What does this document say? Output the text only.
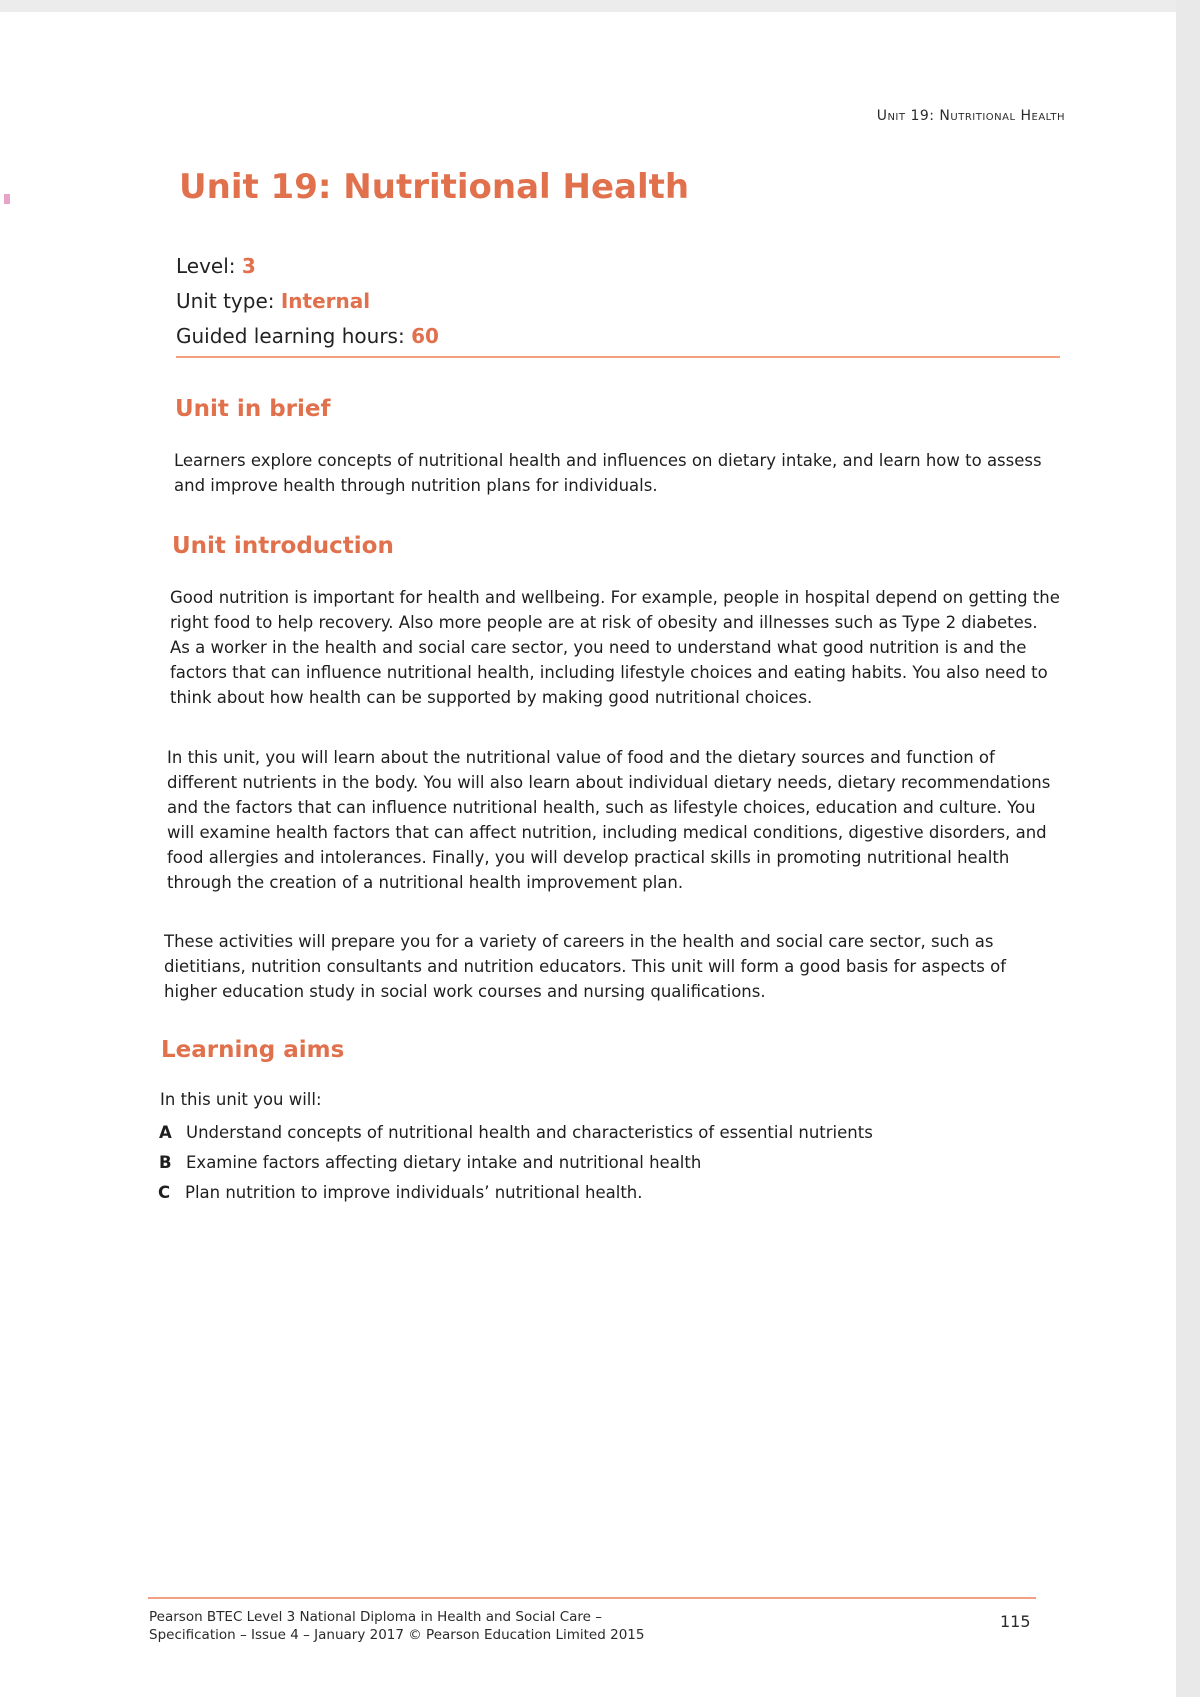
Unit 19: Nutritional Health
Unit 19: Nutritional Health
Level: 3
Unit type: Internal
Guided learning hours: 60
Unit in brief

Learners explore concepts of nutritional health and influences on dietary intake, and learn how to assess and improve health through nutrition plans for individuals.

Unit introduction

Good nutrition is important for health and wellbeing. For example, people in hospital depend on getting the right food to help recovery. Also more people are at risk of obesity and illnesses such as Type 2 diabetes. As a worker in the health and social care sector, you need to understand what good nutrition is and the factors that can influence nutritional health, including lifestyle choices and eating habits. You also need to think about how health can be supported by making good nutritional choices.

In this unit, you will learn about the nutritional value of food and the dietary sources and function of different nutrients in the body. You will also learn about individual dietary needs, dietary recommendations and the factors that can influence nutritional health, such as lifestyle choices, education and culture. You will examine health factors that can affect nutrition, including medical conditions, digestive disorders, and food allergies and intolerances. Finally, you will develop practical skills in promoting nutritional health through the creation of a nutritional health improvement plan.

These activities will prepare you for a variety of careers in the health and social care sector, such as dietitians, nutrition consultants and nutrition educators. This unit will form a good basis for aspects of higher education study in social work courses and nursing qualifications.

Learning aims

In this unit you will:

A Understand concepts of nutritional health and characteristics of essential nutrients
B Examine factors affecting dietary intake and nutritional health
C Plan nutrition to improve individuals’ nutritional health.
Pearson BTEC Level 3 National Diploma in Health and Social Care –
Specification – Issue 4 – January 2017 © Pearson Education Limited 2015
115
